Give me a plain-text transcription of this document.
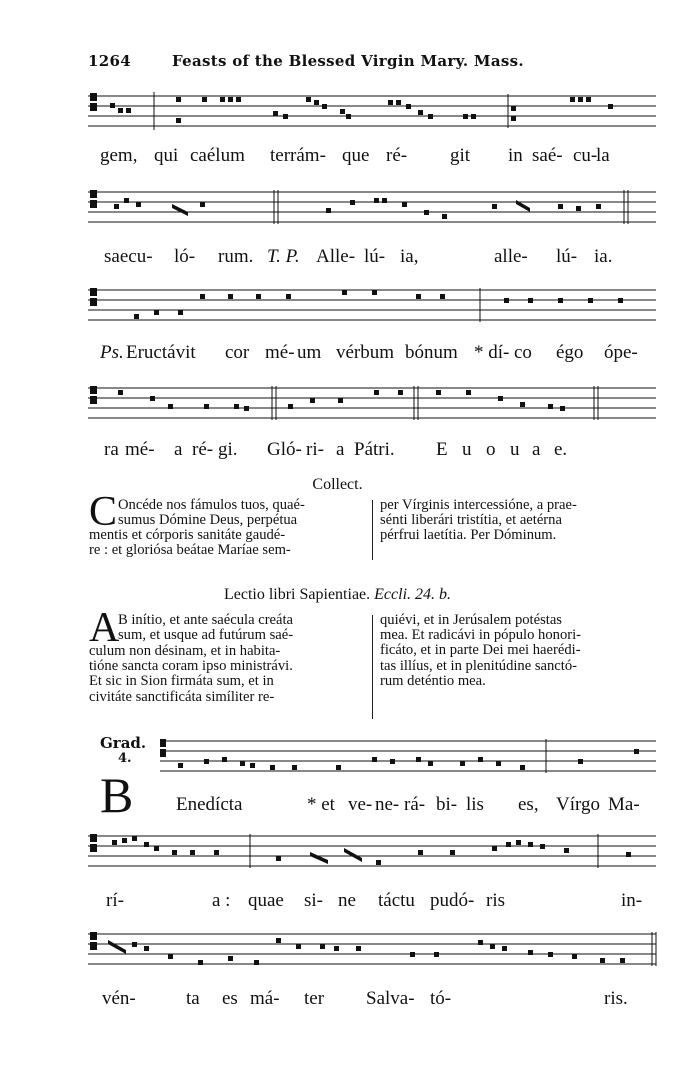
1264	Feasts of the Blessed Virgin Mary. Mass.
gem, qui caélum terrám- que ré- git in saé- cu-
la
saecu- ló- rum. T. P. Alle- lú- ia,	alle- lú- ia.
Ps. Eructávit cor mé- um vérbum bónum * dí- co égo ópe-
ra mé- a ré- gi. Gló- ri- a Pátri. E u o u a e.
Collect.
C Oncéde nos fámulos tuos, quaé-

sumus Dómine Deus, perpétua

mentis et córporis sanitáte gaudé-

re : et gloriósa beátae Maríae sem-

per Vírginis intercessióne, a prae-

sénti liberári tristítia, et aetérna

pérfrui laetítia. Per Dóminum.

Lectio libri Sapientiae. Eccli. 24. b.
A

B inítio, et ante saécula creáta

sum, et usque ad futúrum saé-

culum non désinam, et in habita-

tióne sancta coram ipso ministrávi.

Et sic in Sion firmáta sum, et in

civitáte sanctificáta simíliter re-

quiévi, et in Jerúsalem potéstas

mea. Et radicávi in pópulo honori-

ficáto, et in parte Dei mei haerédi-

tas illíus, et in plenitúdine sanctó-

rum deténtio mea.

Grad.
4.
B Enedícta	* et ve- ne- rá- bi- lis es, Vírgo Ma-
rí-	a : quae si- ne táctu pudó- ris	in-
vén-	ta es má- ter Salva- tó-	ris.
